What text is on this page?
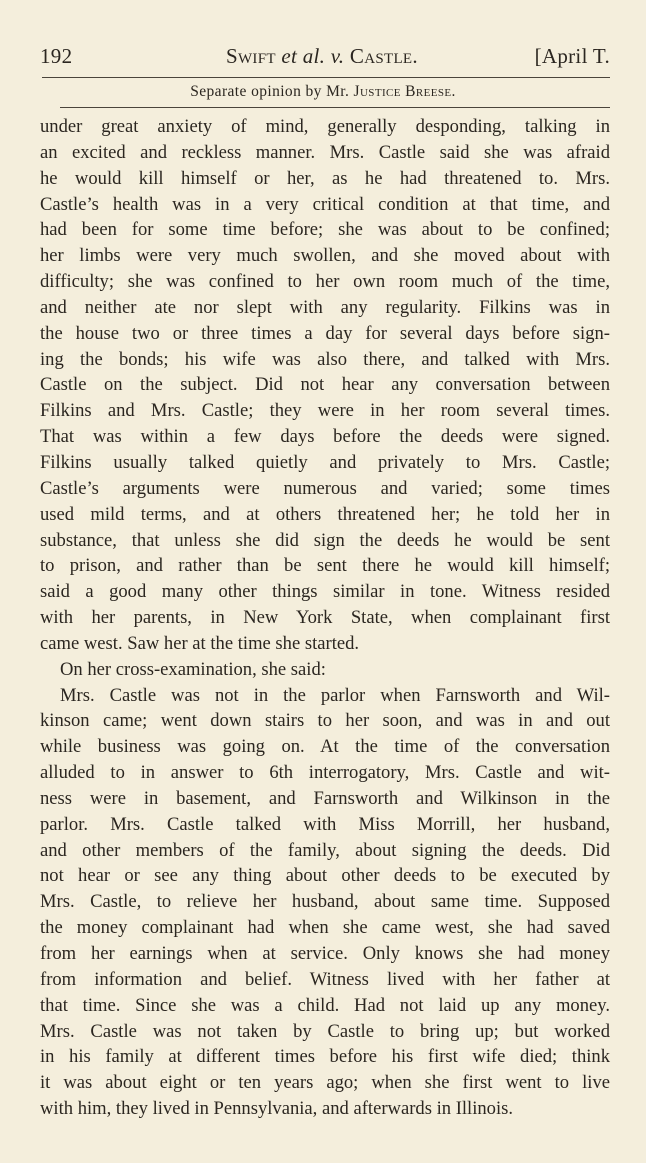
192	Swift et al. v. Castle.	[April T.
Separate opinion by Mr. Justice Breese.
under great anxiety of mind, generally desponding, talking in
an excited and reckless manner. Mrs. Castle said she was afraid
he would kill himself or her, as he had threatened to. Mrs.
Castle’s health was in a very critical condition at that time, and
had been for some time before; she was about to be confined;
her limbs were very much swollen, and she moved about with
difficulty; she was confined to her own room much of the time,
and neither ate nor slept with any regularity. Filkins was in
the house two or three times a day for several days before sign-
ing the bonds; his wife was also there, and talked with Mrs.
Castle on the subject. Did not hear any conversation between
Filkins and Mrs. Castle; they were in her room several times.
That was within a few days before the deeds were signed.
Filkins usually talked quietly and privately to Mrs. Castle;
Castle’s arguments were numerous and varied; some times
used mild terms, and at others threatened her; he told her in
substance, that unless she did sign the deeds he would be sent
to prison, and rather than be sent there he would kill himself;
said a good many other things similar in tone. Witness resided
with her parents, in New York State, when complainant first
came west. Saw her at the time she started.
On her cross-examination, she said:
Mrs. Castle was not in the parlor when Farnsworth and Wil-
kinson came; went down stairs to her soon, and was in and out
while business was going on. At the time of the conversation
alluded to in answer to 6th interrogatory, Mrs. Castle and wit-
ness were in basement, and Farnsworth and Wilkinson in the
parlor. Mrs. Castle talked with Miss Morrill, her husband,
and other members of the family, about signing the deeds. Did
not hear or see any thing about other deeds to be executed by
Mrs. Castle, to relieve her husband, about same time. Supposed
the money complainant had when she came west, she had saved
from her earnings when at service. Only knows she had money
from information and belief. Witness lived with her father at
that time. Since she was a child. Had not laid up any money.
Mrs. Castle was not taken by Castle to bring up; but worked
in his family at different times before his first wife died; think
it was about eight or ten years ago; when she first went to live
with him, they lived in Pennsylvania, and afterwards in Illinois.
